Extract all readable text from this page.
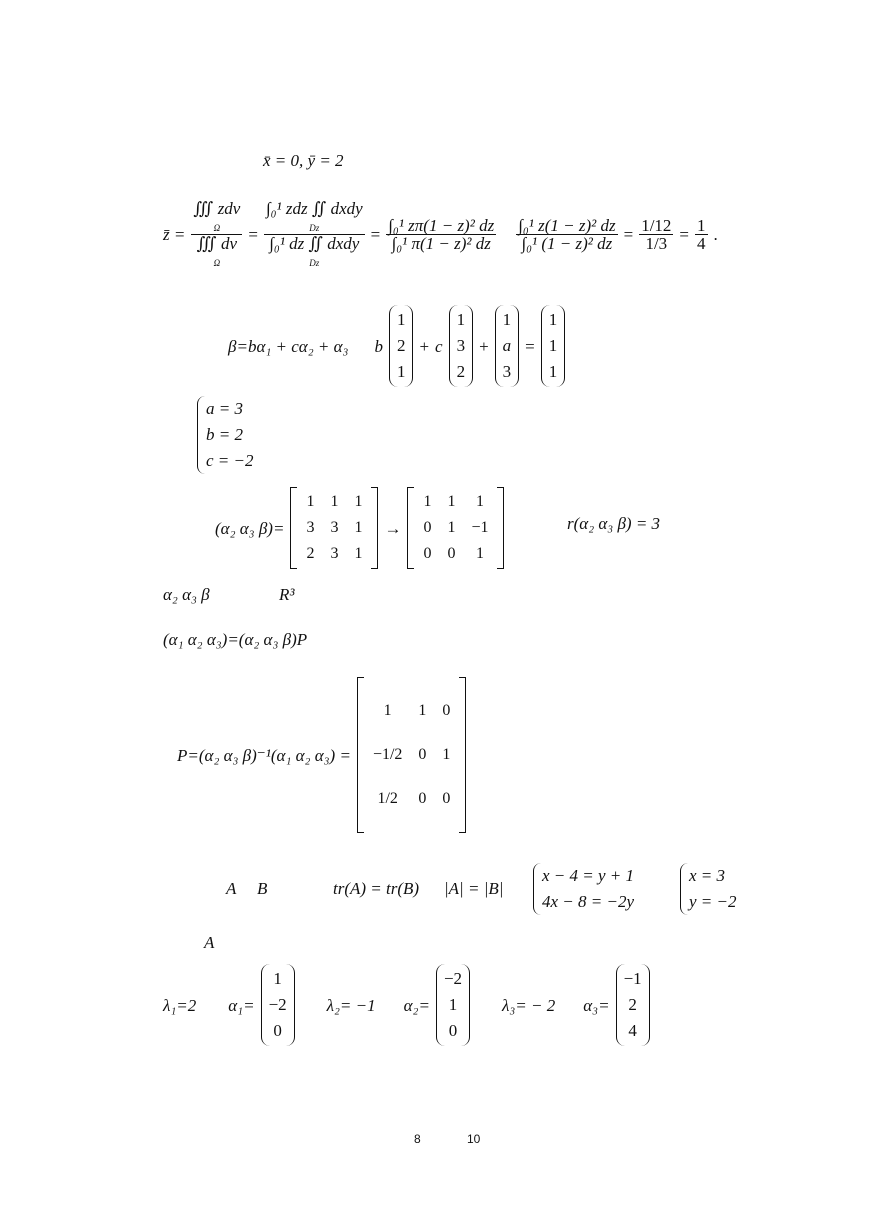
x̄ = 0, ȳ = 2
z̄ =
∭ zdv
Ω
∭ dv
Ω
=
∫₀¹ zdz ∬ dxdy
Dz
∫₀¹ dz ∬ dxdy
Dz
= $\frac{\text{∫₀¹ zπ(1 − z)² dz}}{\text{∫₀¹ π(1 − z)² dz}} \frac{\text{∫₀¹ z(1 − z)² dz}}{\text{∫₀¹ (1 − z)² dz}} = \frac{1/12}{1/3} = \frac{1}{4}$ .
β=bα₁ + cα₂ + α₃ b
1
2
1
+ c
1
3
2
+
1
a
3
=
1
1
1
a = 3
b = 2
c = −2
(α₂ α₃ β)=
1	1	1
3	3	1
2	3	1
→
1	1	1
0	1	−1
0	0	1
r(α₂ α₃ β) = 3
α₂ α₃ β	R³
(α₁ α₂ α₃)=(α₂ α₃ β)P
P=(α₂ α₃ β)⁻¹(α₁ α₂ α₃) =
1	1	0
−1/2	0	1
1/2	0	0
A B	tr(A) = tr(B) |A| = |B|
x − 4 = y + 1
4x − 8 = −2y
x = 3
y = −2
A
λ₁=2 α₁=
1
−2
0
λ₂= −1 α₂=
−2
1
0
λ₃= − 2 α₃=
−1
2
4
8	10
